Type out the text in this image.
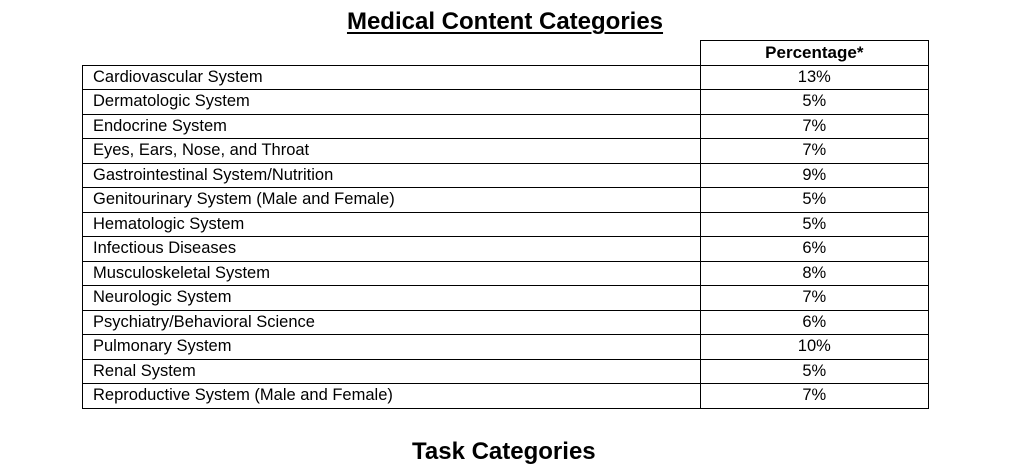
Medical Content Categories
	Percentage*
Cardiovascular System	13%
Dermatologic System	5%
Endocrine System	7%
Eyes, Ears, Nose, and Throat	7%
Gastrointestinal System/Nutrition	9%
Genitourinary System (Male and Female)	5%
Hematologic System	5%
Infectious Diseases	6%
Musculoskeletal System	8%
Neurologic System	7%
Psychiatry/Behavioral Science	6%
Pulmonary System	10%
Renal System	5%
Reproductive System (Male and Female)	7%
Task Categories
